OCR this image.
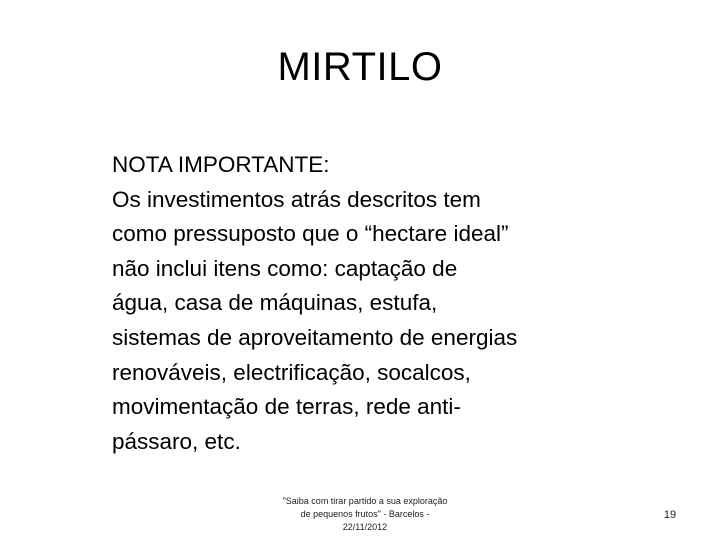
MIRTILO
NOTA IMPORTANTE:
Os investimentos atrás descritos tem
como pressuposto que o “hectare ideal”
não inclui itens como: captação de
água, casa de máquinas, estufa,
sistemas de aproveitamento de energias
renováveis, electrificação, socalcos,
movimentação de terras, rede anti-
pássaro, etc.
"Saiba com tirar partido a sua exploração
de pequenos frutos" - Barcelos -
22/11/2012
19
